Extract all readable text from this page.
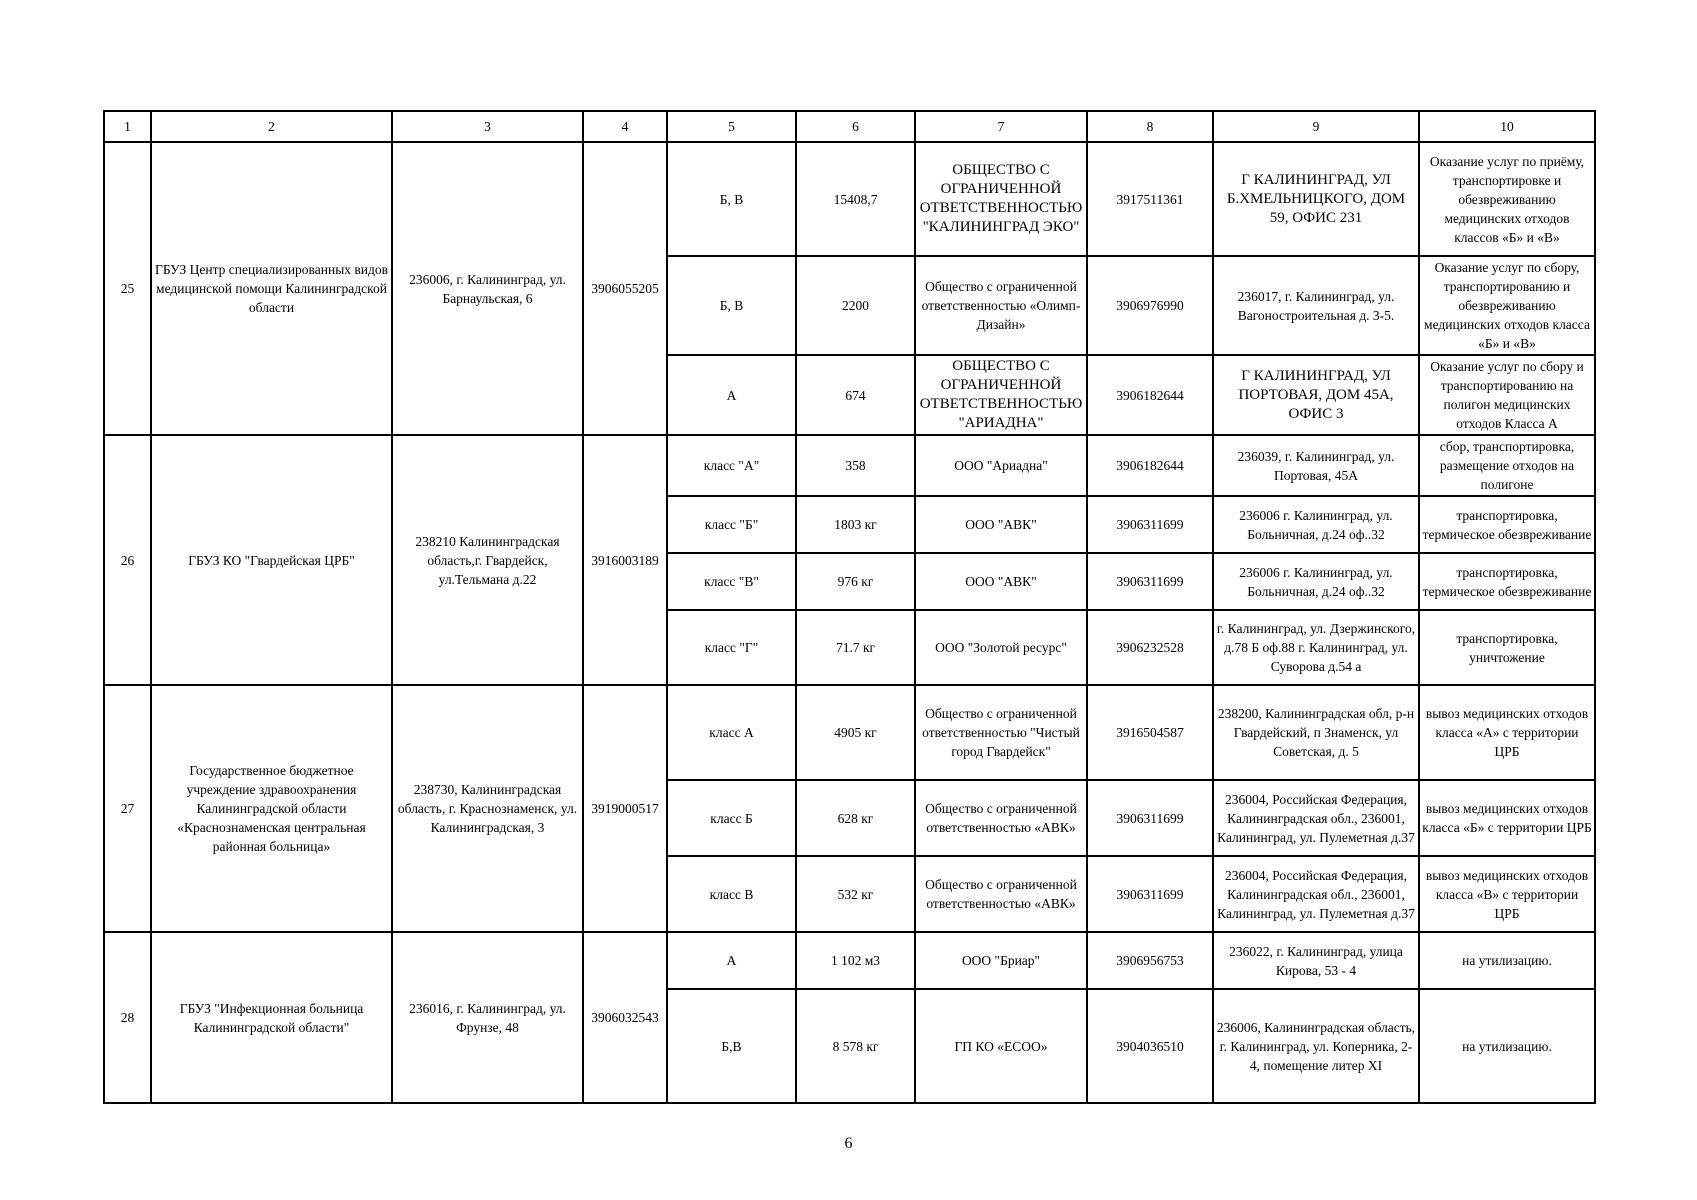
1	2	3	4	5	6	7	8	9	10
25	ГБУЗ Центр специализированных видов медицинской помощи Калининградской области	236006, г. Калининград, ул. Барнаульская, 6	3906055205	Б, В	15408,7	ОБЩЕСТВО С ОГРАНИЧЕННОЙ ОТВЕТСТВЕННОСТЬЮ "КАЛИНИНГРАД ЭКО"	3917511361	Г КАЛИНИНГРАД, УЛ Б.ХМЕЛЬНИЦКОГО, ДОМ 59, ОФИС 231	Оказание услуг по приёму, транспортировке и обезвреживанию медицинских отходов классов «Б» и «В»
				Б, В	2200	Общество с ограниченной ответственностью «Олимп-Дизайн»	3906976990	236017, г. Калининград, ул. Вагоностроительная д. 3-5.	Оказание услуг по сбору, транспортированию и обезвреживанию медицинских отходов класса «Б» и «В»
				А	674	ОБЩЕСТВО С ОГРАНИЧЕННОЙ ОТВЕТСТВЕННОСТЬЮ "АРИАДНА"	3906182644	Г КАЛИНИНГРАД, УЛ ПОРТОВАЯ, ДОМ 45А, ОФИС 3	Оказание услуг по сбору и транспортированию на полигон медицинских отходов Класса А
26	ГБУЗ КО "Гвардейская ЦРБ"	238210 Калининградская область,г. Гвардейск, ул.Тельмана д.22	3916003189	класс "А"	358	ООО "Ариадна"	3906182644	236039, г. Калининград, ул. Портовая, 45А	сбор, транспортировка, размещение отходов на полигоне
				класс "Б"	1803 кг	ООО "АВК"	3906311699	236006 г. Калининград, ул. Больничная, д.24 оф..32	транспортировка, термическое обезвреживание
				класс "В"	976 кг	ООО "АВК"	3906311699	236006 г. Калининград, ул. Больничная, д.24 оф..32	транспортировка, термическое обезвреживание
				класс "Г"	71.7 кг	ООО "Золотой ресурс"	3906232528	г. Калининград, ул. Дзержинского, д.78 Б оф.88 г. Калининград, ул. Суворова д.54 а	транспортировка, уничтожение
27	Государственное бюджетное учреждение здравоохранения Калининградской области «Краснознаменская центральная районная больница»	238730, Калининградская область, г. Краснознаменск, ул. Калининградская, 3	3919000517	класс А	4905 кг	Общество с ограниченной ответственностью "Чистый город Гвардейск"	3916504587	238200, Калининградская обл, р-н Гвардейский, п Знаменск, ул Советская, д. 5	вывоз медицинских отходов класса «А» с территории ЦРБ
				класс Б	628 кг	Общество с ограниченной ответственностью «АВК»	3906311699	236004, Российская Федерация, Калининградская обл., 236001, Калининград, ул. Пулеметная д.37	вывоз медицинских отходов класса «Б» с территории ЦРБ
				класс В	532 кг	Общество с ограниченной ответственностью «АВК»	3906311699	236004, Российская Федерация, Калининградская обл., 236001, Калининград, ул. Пулеметная д.37	вывоз медицинских отходов класса «В» с территории ЦРБ
28	ГБУЗ "Инфекционная больница Калининградской области"	236016, г. Калининград, ул. Фрунзе, 48	3906032543	А	1 102 м3	ООО "Бриар"	3906956753	236022, г. Калининград, улица Кирова, 53 - 4	на утилизацию.
				Б,В	8 578 кг	ГП КО «ЕСОО»	3904036510	236006, Калининградская область, г. Калининград, ул. Коперника, 2-4, помещение литер XI	на утилизацию.
6
